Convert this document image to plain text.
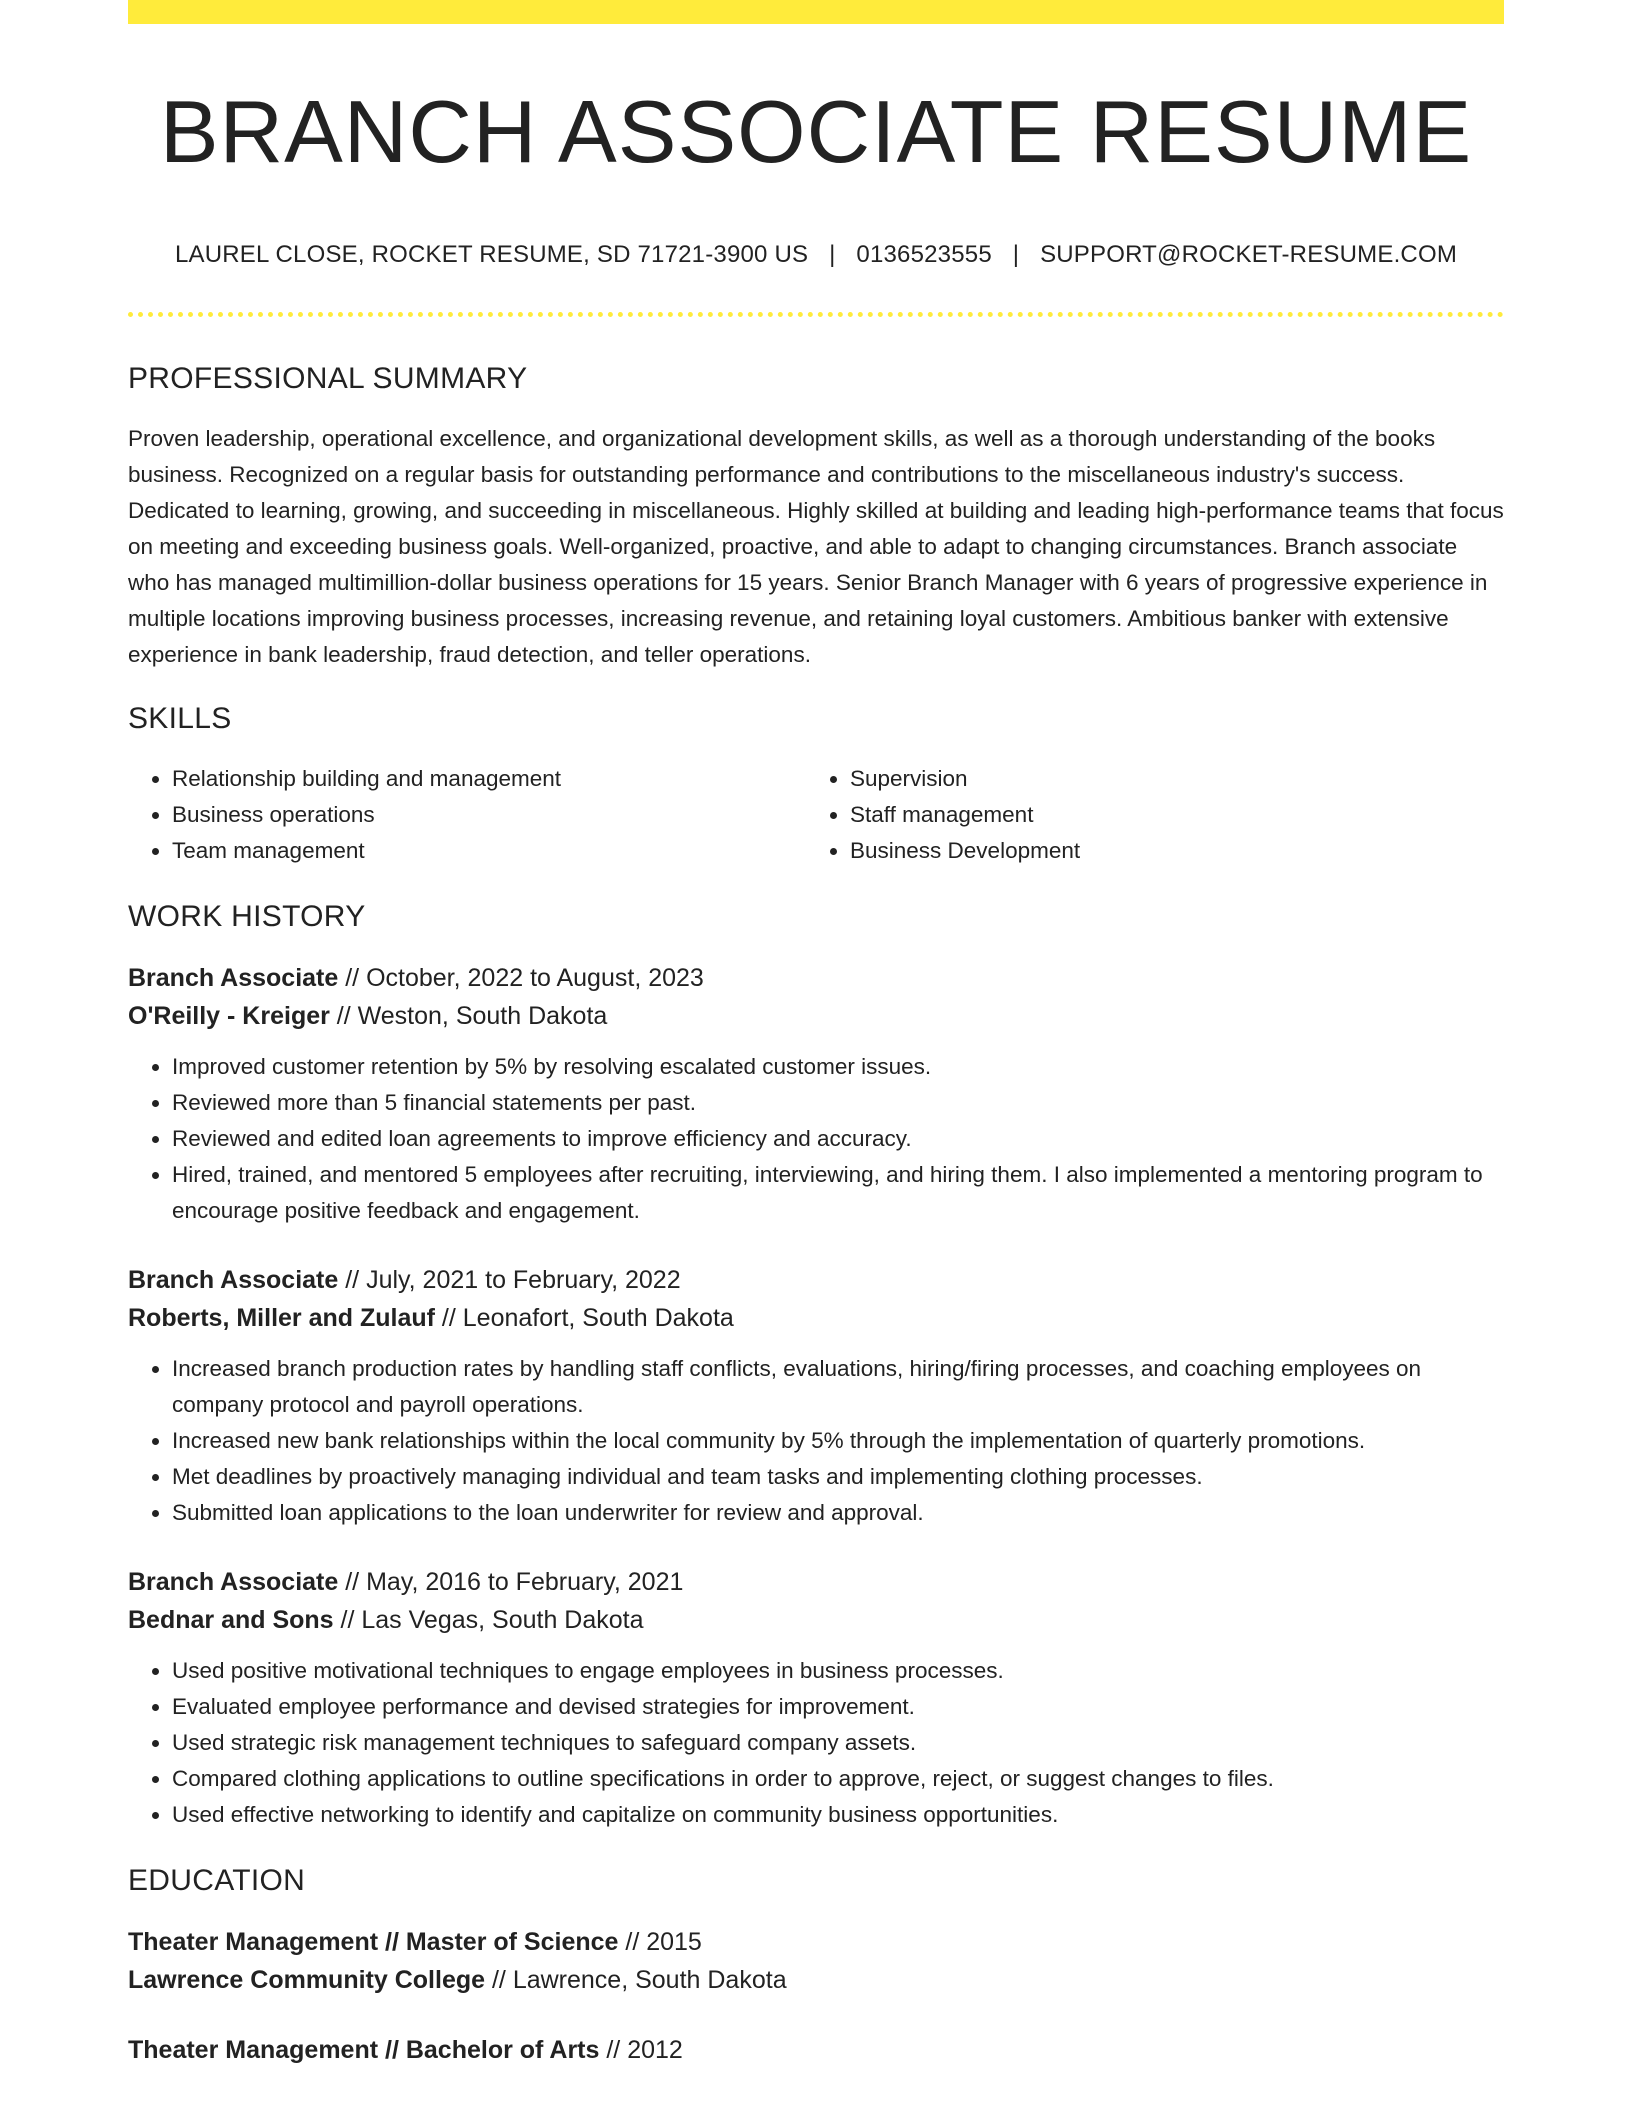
BRANCH ASSOCIATE RESUME
LAUREL CLOSE, ROCKET RESUME, SD 71721-3900 US | 0136523555 | SUPPORT@ROCKET-RESUME.COM
PROFESSIONAL SUMMARY

Proven leadership, operational excellence, and organizational development skills, as well as a thorough understanding of the books business. Recognized on a regular basis for outstanding performance and contributions to the miscellaneous industry's success. Dedicated to learning, growing, and succeeding in miscellaneous. Highly skilled at building and leading high-performance teams that focus on meeting and exceeding business goals. Well-organized, proactive, and able to adapt to changing circumstances. Branch associate who has managed multimillion-dollar business operations for 15 years. Senior Branch Manager with 6 years of progressive experience in multiple locations improving business processes, increasing revenue, and retaining loyal customers. Ambitious banker with extensive experience in bank leadership, fraud detection, and teller operations.

SKILLS
• Relationship building and management
• Business operations
• Team management
• Supervision
• Staff management
• Business Development
WORK HISTORY
Branch Associate // October, 2022 to August, 2023
O'Reilly - Kreiger // Weston, South Dakota
• Improved customer retention by 5% by resolving escalated customer issues.
• Reviewed more than 5 financial statements per past.
• Reviewed and edited loan agreements to improve efficiency and accuracy.
• Hired, trained, and mentored 5 employees after recruiting, interviewing, and hiring them. I also implemented a mentoring program to encourage positive feedback and engagement.
Branch Associate // July, 2021 to February, 2022
Roberts, Miller and Zulauf // Leonafort, South Dakota
• Increased branch production rates by handling staff conflicts, evaluations, hiring/firing processes, and coaching employees on company protocol and payroll operations.
• Increased new bank relationships within the local community by 5% through the implementation of quarterly promotions.
• Met deadlines by proactively managing individual and team tasks and implementing clothing processes.
• Submitted loan applications to the loan underwriter for review and approval.
Branch Associate // May, 2016 to February, 2021
Bednar and Sons // Las Vegas, South Dakota
• Used positive motivational techniques to engage employees in business processes.
• Evaluated employee performance and devised strategies for improvement.
• Used strategic risk management techniques to safeguard company assets.
• Compared clothing applications to outline specifications in order to approve, reject, or suggest changes to files.
• Used effective networking to identify and capitalize on community business opportunities.
EDUCATION
Theater Management // Master of Science // 2015
Lawrence Community College // Lawrence, South Dakota
Theater Management // Bachelor of Arts // 2012
